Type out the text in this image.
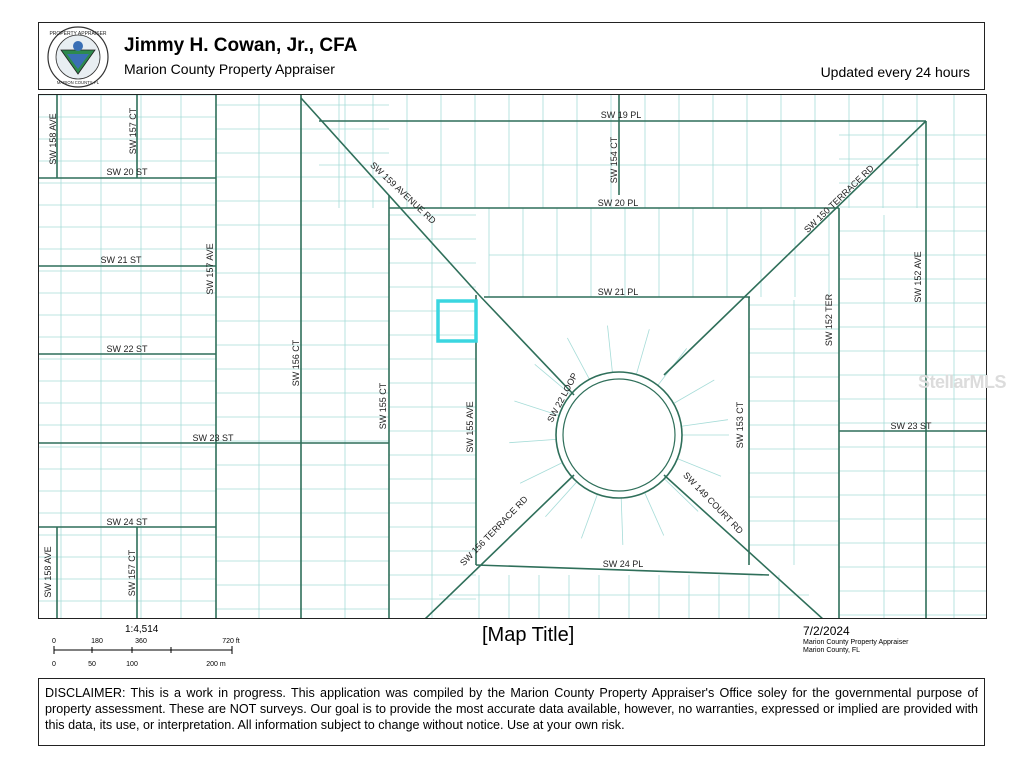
PROPERTY APPRAISER
MARION COUNTY, FL
Jimmy H. Cowan, Jr., CFA
Marion County Property Appraiser	Updated every 24 hours
SW 158 AVE	SW 157 CT
SW 20 ST
SW 21 ST	SW 157 AVE
SW 22 ST
SW 23 ST
SW 24 ST
SW 158 AVE	SW 157 CT
SW 156 CT
SW 155 CT
SW 159 AVENUE RD
SW 19 PL
SW 154 CT
SW 20 PL
SW 21 PL
SW 155 AVE
SW 22 LOOP
SW 150 TERRACE RD
SW 152 TER
SW 152 AVE
SW 153 CT	SW 23 ST
SW 149 COURT RD
SW 156 TERRACE RD	SW 24 PL
StellarMLS
1:4,514
0	180	360	720 ft
0	50	100	200 m
[Map Title]	7/2/2024
Marion County Property Appraiser
Marion County, FL
DISCLAIMER: This is a work in progress. This application was compiled by the Marion County Property Appraiser's Office soley for the governmental purpose of property assessment. These are NOT surveys. Our goal is to provide the most accurate data available, however, no warranties, expressed or implied are provided with this data, its use, or interpretation. All information subject to change without notice. Use at your own risk.
